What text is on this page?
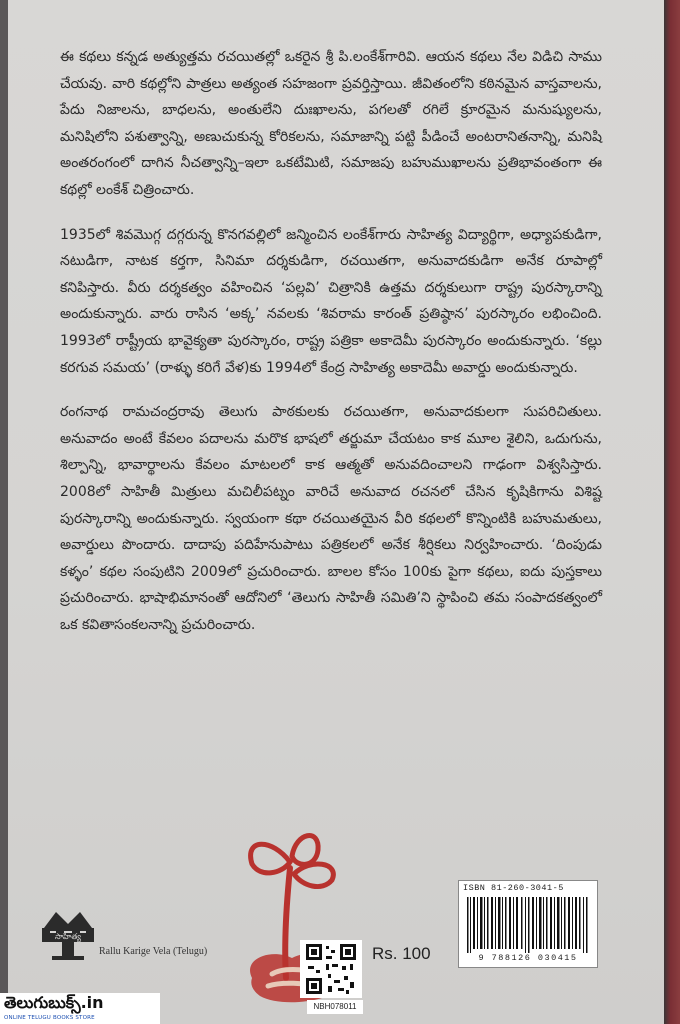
ఈ కథలు కన్నడ అత్యుత్తమ రచయితల్లో ఒకరైన శ్రీ పి.లంకేశ్‌గారివి. ఆయన కథలు నేల విడిచి సాము చేయవు. వారి కథల్లోని పాత్రలు అత్యంత సహజంగా ప్రవర్తిస్తాయి. జీవితంలోని కఠినమైన వాస్తవాలను, పేదు నిజాలను, బాధలను, అంతులేని దుఃఖాలను, పగలతో రగిలే క్రూరమైన మనుష్యులను, మనిషిలోని పశుత్వాన్ని, అణుచుకున్న కోరికలను, సమాజాన్ని పట్టి పీడించే అంటరానితనాన్ని, మనిషి అంతరంగంలో దాగిన నీచత్వాన్ని–ఇలా ఒకటేమిటి, సమాజపు బహుముఖాలను ప్రతిభావంతంగా ఈ కథల్లో లంకేశ్ చిత్రించారు.

1935లో శివమొగ్గ దగ్గరున్న కొనగవల్లిలో జన్మించిన లంకేశ్‌గారు సాహిత్య విద్యార్థిగా, అధ్యాపకుడిగా, నటుడిగా, నాటక కర్తగా, సినిమా దర్శకుడిగా, రచయితగా, అనువాదకుడిగా అనేక రూపాల్లో కనిపిస్తారు. వీరు దర్శకత్వం వహించిన ‘పల్లవి’ చిత్రానికి ఉత్తమ దర్శకులుగా రాష్ట్ర పురస్కారాన్ని అందుకున్నారు. వారు రాసిన ‘అక్క’ నవలకు ‘శివరామ కారంత్ ప్రతిష్ఠాన’ పురస్కారం లభించింది. 1993లో రాష్ట్రీయ భావైక్యతా పురస్కారం, రాష్ట్ర పత్రికా అకాదెమీ పురస్కారం అందుకున్నారు. ‘కల్లు కరగువ సమయ’ (రాళ్ళు కరిగే వేళ)కు 1994లో కేంద్ర సాహిత్య అకాదెమీ అవార్డు అందుకున్నారు.

రంగనాథ రామచంద్రరావు తెలుగు పాఠకులకు రచయితగా, అనువాదకులగా సుపరిచితులు. అనువాదం అంటే కేవలం పదాలను మరొక భాషలో తర్జుమా చేయటం కాక మూల శైలిని, ఒదుగును, శిల్పాన్ని, భావార్థాలను కేవలం మాటలలో కాక ఆత్మతో అనువదించాలని గాఢంగా విశ్వసిస్తారు. 2008లో సాహితీ మిత్రులు మచిలీపట్నం వారిచే అనువాద రచనలో చేసిన కృషికిగాను విశిష్ట పురస్కారాన్ని అందుకున్నారు. స్వయంగా కథా రచయితయైన వీరి కథలలో కొన్నింటికి బహుమతులు, అవార్డులు పొందారు. దాదాపు పదిహేనుపాటు పత్రికలలో అనేక శీర్షికలు నిర్వహించారు. ‘దింపుడు కళ్ళం’ కథల సంపుటిని 2009లో ప్రచురించారు. బాలల కోసం 100కు పైగా కథలు, ఐదు పుస్తకాలు ప్రచురించారు. భాషాభిమానంతో ఆదోనిలో ‘తెలుగు సాహితీ సమితి’ని స్థాపించి తమ సంపాదకత్వంలో ఒక కవితాసంకలనాన్ని ప్రచురించారు.

సాహిత్య
Rallu Karige Vela (Telugu)	Rs. 100
NBH078011
ISBN 81-260-3041-5
9 788126 030415
తెలుగుబుక్స్.in
ONLINE TELUGU BOOKS STORE
